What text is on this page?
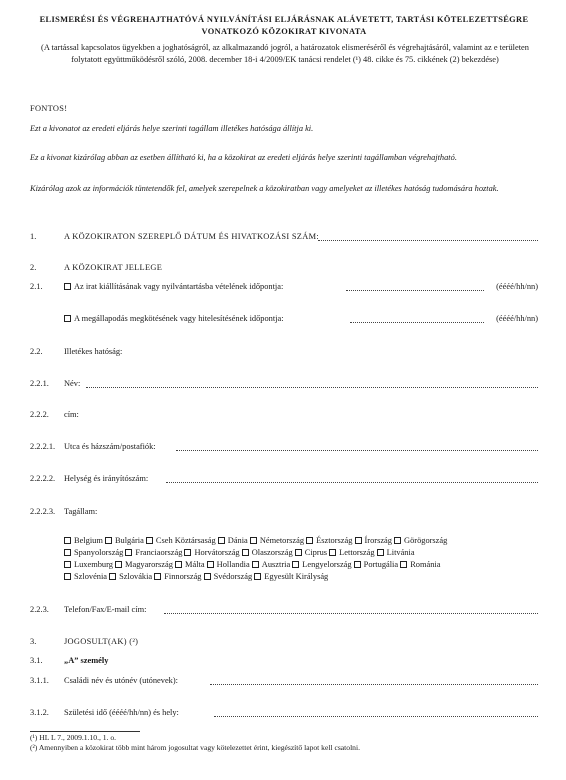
ELISMERÉSI ÉS VÉGREHAJTHATÓVÁ NYILVÁNÍTÁSI ELJÁRÁSNAK ALÁVETETT, TARTÁSI KÖTELEZETTSÉGRE
VONATKOZÓ KÖZOKIRAT KIVONATA
(A tartással kapcsolatos ügyekben a joghatóságról, az alkalmazandó jogról, a határozatok elismeréséről és végrehajtásáról, valamint az e területen folytatott együttműködésről szóló, 2008. december 18-i 4/2009/EK tanácsi rendelet (¹) 48. cikke és 75. cikkének (2) bekezdése)
FONTOS!
Ezt a kivonatot az eredeti eljárás helye szerinti tagállam illetékes hatósága állítja ki.
Ez a kivonat kizárólag abban az esetben állítható ki, ha a közokirat az eredeti eljárás helye szerinti tagállamban végrehajtható.
Kizárólag azok az információk tüntetendők fel, amelyek szerepelnek a közokiratban vagy amelyeket az illetékes hatóság tudomására hoztak.
1.	A KÖZOKIRATON SZEREPLŐ DÁTUM ÉS HIVATKOZÁSI SZÁM:
2.	A KÖZOKIRAT JELLEGE
2.1.	Az irat kiállításának vagy nyilvántartásba vételének időpontja:	(éééé/hh/nn)
A megállapodás megkötésének vagy hitelesítésének időpontja:	(éééé/hh/nn)
2.2.	Illetékes hatóság:
2.2.1. Név:
2.2.2. cím:
2.2.2.1. Utca és házszám/postafiók:
2.2.2.2. Helység és irányítószám:
2.2.2.3. Tagállam:
Belgium Bulgária Cseh Köztársaság Dánia Németország Észtország Írország Görögország
Spanyolország Franciaország Horvátország Olaszország Ciprus Lettország Litvánia
Luxemburg Magyarország Málta Hollandia Ausztria Lengyelország Portugália Románia
Szlovénia Szlovákia Finnország Svédország Egyesült Királyság
2.2.3. Telefon/Fax/E-mail cím:
3.	JOGOSULT(AK) (²)
3.1.	„A” személy
3.1.1. Családi név és utónév (utónevek):
3.1.2. Születési idő (éééé/hh/nn) és hely:
(¹) HL L 7., 2009.1.10., 1. o.
(²) Amennyiben a közokirat több mint három jogosultat vagy kötelezettet érint, kiegészítő lapot kell csatolni.
